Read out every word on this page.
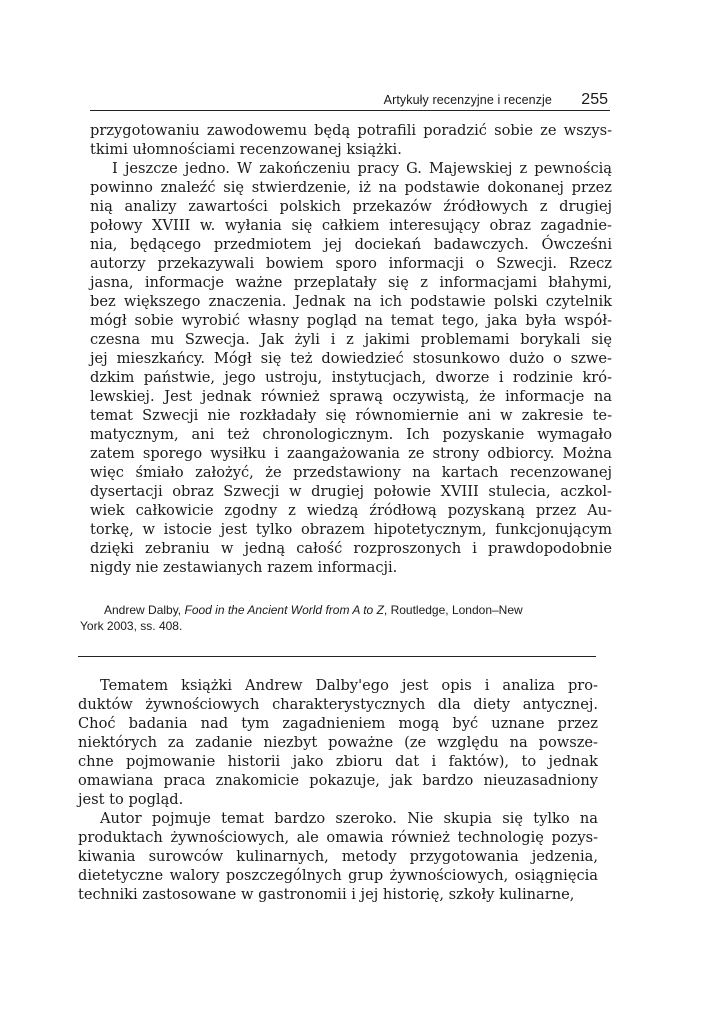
Artykuły recenzyjne i recenzje 255
przygotowaniu zawodowemu będą potrafili poradzić sobie ze wszys-
tkimi ułomnościami recenzowanej książki.
I jeszcze jedno. W zakończeniu pracy G. Majewskiej z pewnością
powinno znaleźć się stwierdzenie, iż na podstawie dokonanej przez
nią analizy zawartości polskich przekazów źródłowych z drugiej
połowy XVIII w. wyłania się całkiem interesujący obraz zagadnie-
nia, będącego przedmiotem jej dociekań badawczych. Ówcześni
autorzy przekazywali bowiem sporo informacji o Szwecji. Rzecz
jasna, informacje ważne przeplatały się z informacjami błahymi,
bez większego znaczenia. Jednak na ich podstawie polski czytelnik
mógł sobie wyrobić własny pogląd na temat tego, jaka była współ-
czesna mu Szwecja. Jak żyli i z jakimi problemami borykali się
jej mieszkańcy. Mógł się też dowiedzieć stosunkowo dużo o szwe-
dzkim państwie, jego ustroju, instytucjach, dworze i rodzinie kró-
lewskiej. Jest jednak również sprawą oczywistą, że informacje na
temat Szwecji nie rozkładały się równomiernie ani w zakresie te-
matycznym, ani też chronologicznym. Ich pozyskanie wymagało
zatem sporego wysiłku i zaangażowania ze strony odbiorcy. Można
więc śmiało założyć, że przedstawiony na kartach recenzowanej
dysertacji obraz Szwecji w drugiej połowie XVIII stulecia, aczkol-
wiek całkowicie zgodny z wiedzą źródłową pozyskaną przez Au-
torkę, w istocie jest tylko obrazem hipotetycznym, funkcjonującym
dzięki zebraniu w jedną całość rozproszonych i prawdopodobnie
nigdy nie zestawianych razem informacji.
Andrew Dalby, Food in the Ancient World from A to Z, Routledge, London–New
York 2003, ss. 408.
Tematem książki Andrew Dalby'ego jest opis i analiza pro-
duktów żywnościowych charakterystycznych dla diety antycznej.
Choć badania nad tym zagadnieniem mogą być uznane przez
niektórych za zadanie niezbyt poważne (ze względu na powsze-
chne pojmowanie historii jako zbioru dat i faktów), to jednak
omawiana praca znakomicie pokazuje, jak bardzo nieuzasadniony
jest to pogląd.
Autor pojmuje temat bardzo szeroko. Nie skupia się tylko na
produktach żywnościowych, ale omawia również technologię pozys-
kiwania surowców kulinarnych, metody przygotowania jedzenia,
dietetyczne walory poszczególnych grup żywnościowych, osiągnięcia
techniki zastosowane w gastronomii i jej historię, szkoły kulinarne,
